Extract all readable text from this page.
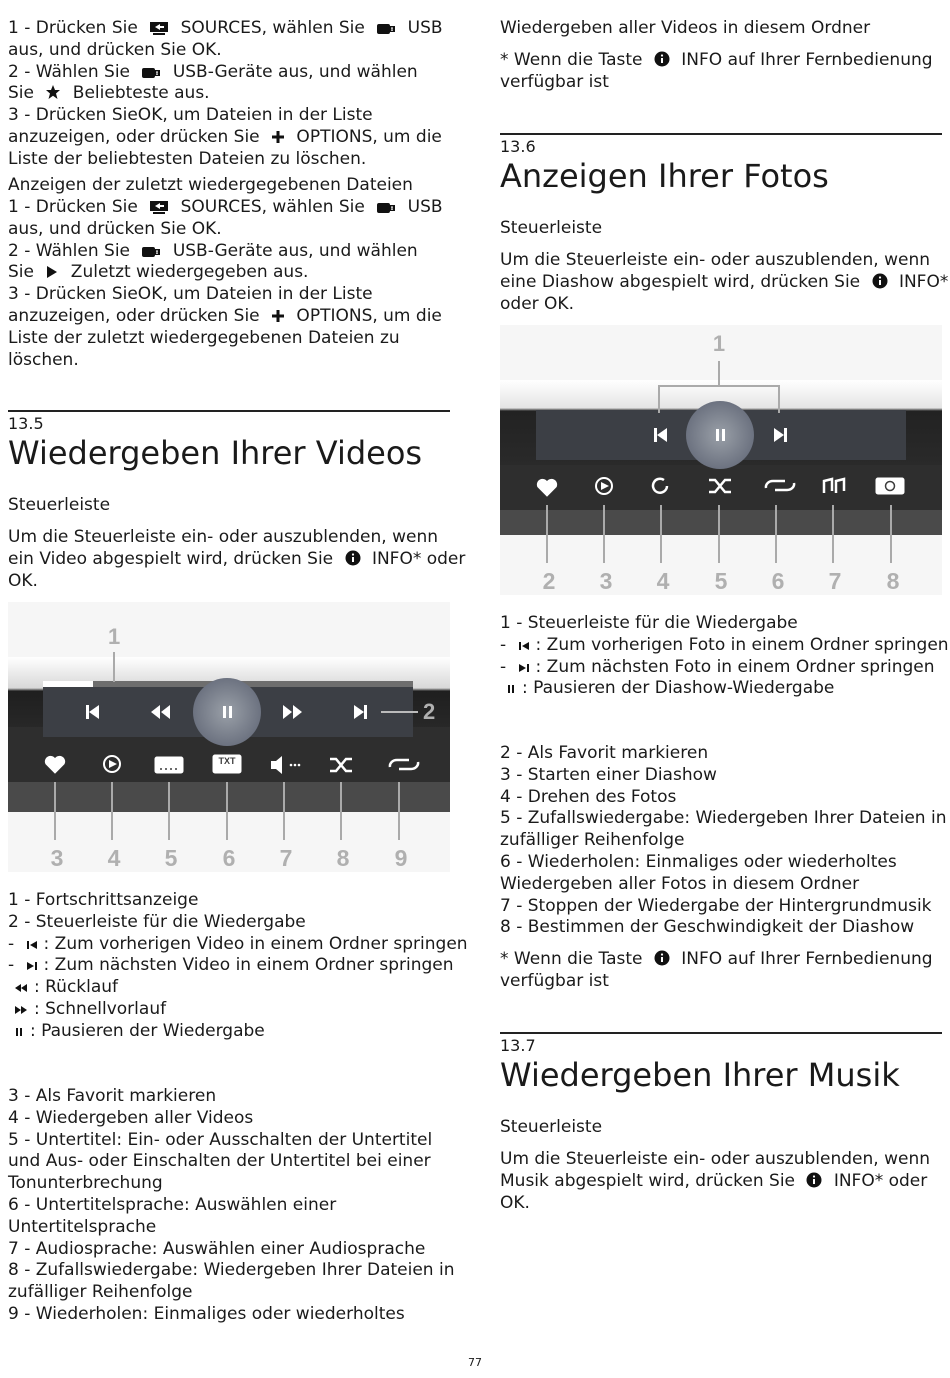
1 - Drücken Sie  SOURCES, wählen Sie  USB
aus, und drücken Sie OK.
2 - Wählen Sie  USB-Geräte aus, und wählen
Sie  Beliebteste aus.
3 - Drücken SieOK, um Dateien in der Liste
anzuzeigen, oder drücken Sie  OPTIONS, um die
Liste der beliebtesten Dateien zu löschen.
Anzeigen der zuletzt wiedergegebenen Dateien
1 - Drücken Sie  SOURCES, wählen Sie  USB
aus, und drücken Sie OK.
2 - Wählen Sie  USB-Geräte aus, und wählen
Sie  Zuletzt wiedergegeben aus.
3 - Drücken SieOK, um Dateien in der Liste
anzuzeigen, oder drücken Sie  OPTIONS, um die
Liste der zuletzt wiedergegebenen Dateien zu
löschen.
13.5
Wiedergeben Ihrer Videos
Steuerleiste
Um die Steuerleiste ein- oder auszublenden, wenn
ein Video abgespielt wird, drücken Sie  INFO* oder
OK.
1
2
TXT
3 4 5 6 7 8 9
1 - Fortschrittsanzeige
2 - Steuerleiste für die Wiedergabe
- : Zum vorherigen Video in einem Ordner springen
- : Zum nächsten Video in einem Ordner springen
: Rücklauf
: Schnellvorlauf
: Pausieren der Wiedergabe
3 - Als Favorit markieren
4 - Wiedergeben aller Videos
5 - Untertitel: Ein- oder Ausschalten der Untertitel
und Aus- oder Einschalten der Untertitel bei einer
Tonunterbrechung
6 - Untertitelsprache: Auswählen einer
Untertitelsprache
7 - Audiosprache: Auswählen einer Audiosprache
8 - Zufallswiedergabe: Wiedergeben Ihrer Dateien in
zufälliger Reihenfolge
9 - Wiederholen: Einmaliges oder wiederholtes
Wiedergeben aller Videos in diesem Ordner
* Wenn die Taste  INFO auf Ihrer Fernbedienung
verfügbar ist
13.6
Anzeigen Ihrer Fotos
Steuerleiste
Um die Steuerleiste ein- oder auszublenden, wenn
eine Diashow abgespielt wird, drücken Sie  INFO*
oder OK.
1
2 3 4 5 6 7 8
1 - Steuerleiste für die Wiedergabe
- : Zum vorherigen Foto in einem Ordner springen
- : Zum nächsten Foto in einem Ordner springen
: Pausieren der Diashow-Wiedergabe
2 - Als Favorit markieren
3 - Starten einer Diashow
4 - Drehen des Fotos
5 - Zufallswiedergabe: Wiedergeben Ihrer Dateien in
zufälliger Reihenfolge
6 - Wiederholen: Einmaliges oder wiederholtes
Wiedergeben aller Fotos in diesem Ordner
7 - Stoppen der Wiedergabe der Hintergrundmusik
8 - Bestimmen der Geschwindigkeit der Diashow
* Wenn die Taste  INFO auf Ihrer Fernbedienung
verfügbar ist
13.7
Wiedergeben Ihrer Musik
Steuerleiste
Um die Steuerleiste ein- oder auszublenden, wenn
Musik abgespielt wird, drücken Sie  INFO* oder
OK.
77
